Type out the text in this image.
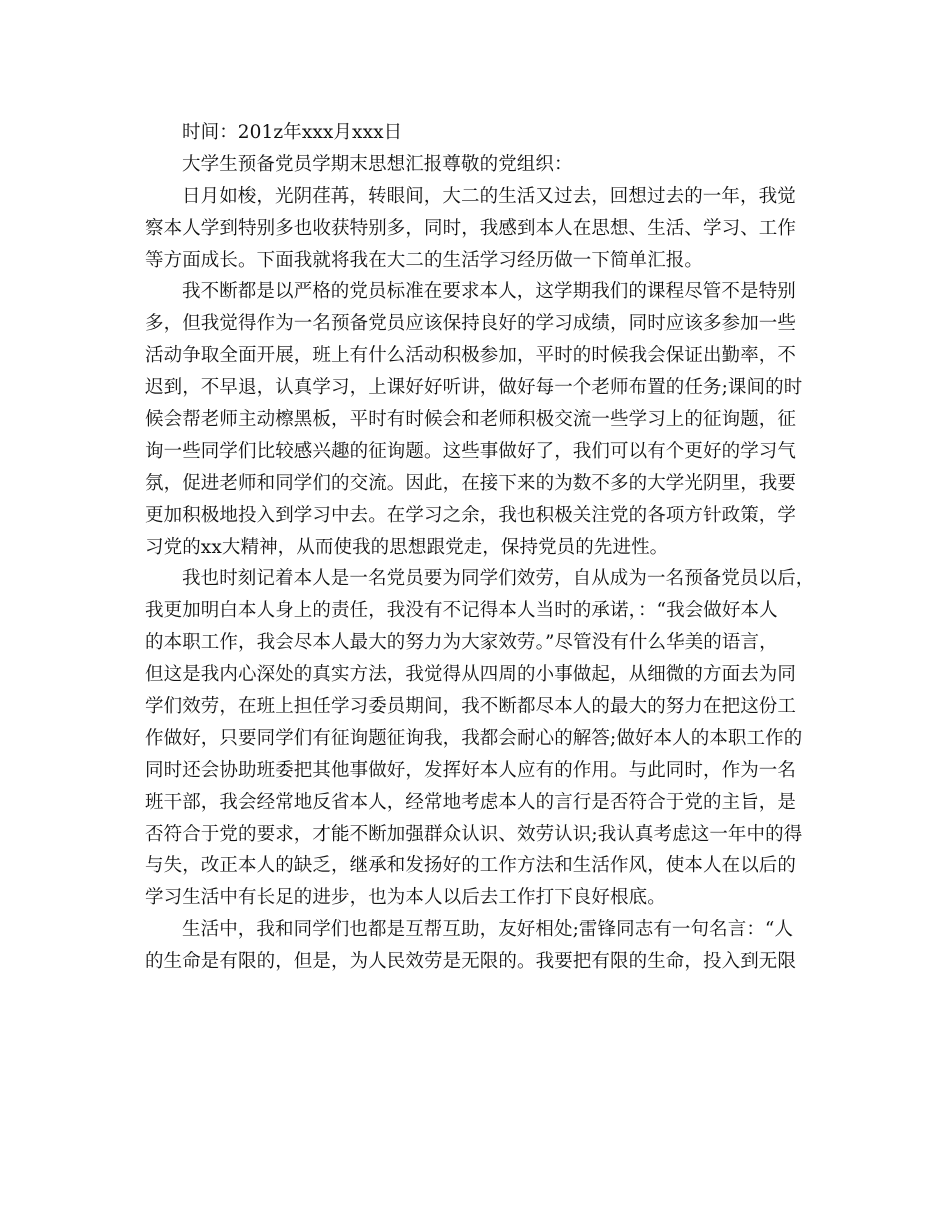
时间：201z年xxx月xxx日
大学生预备党员学期末思想汇报尊敬的党组织：
日月如梭，光阴荏苒，转眼间，大二的生活又过去，回想过去的一年，我觉
察本人学到特别多也收获特别多，同时，我感到本人在思想、生活、学习、工作
等方面成长。下面我就将我在大二的生活学习经历做一下简单汇报。
我不断都是以严格的党员标准在要求本人，这学期我们的课程尽管不是特别
多，但我觉得作为一名预备党员应该保持良好的学习成绩，同时应该多参加一些
活动争取全面开展，班上有什么活动积极参加，平时的时候我会保证出勤率，不
迟到，不早退，认真学习，上课好好听讲，做好每一个老师布置的任务;课间的时
候会帮老师主动檫黑板，平时有时候会和老师积极交流一些学习上的征询题，征
询一些同学们比较感兴趣的征询题。这些事做好了，我们可以有个更好的学习气
氛，促进老师和同学们的交流。因此，在接下来的为数不多的大学光阴里，我要
更加积极地投入到学习中去。在学习之余，我也积极关注党的各项方针政策，学
习党的xx大精神，从而使我的思想跟党走，保持党员的先进性。
我也时刻记着本人是一名党员要为同学们效劳，自从成为一名预备党员以后，
我更加明白本人身上的责任，我没有不记得本人当时的承诺，：“我会做好本人
的本职工作，我会尽本人最大的努力为大家效劳。”尽管没有什么华美的语言，
但这是我内心深处的真实方法，我觉得从四周的小事做起，从细微的方面去为同
学们效劳，在班上担任学习委员期间，我不断都尽本人的最大的努力在把这份工
作做好，只要同学们有征询题征询我，我都会耐心的解答;做好本人的本职工作的
同时还会协助班委把其他事做好，发挥好本人应有的作用。与此同时，作为一名
班干部，我会经常地反省本人，经常地考虑本人的言行是否符合于党的主旨，是
否符合于党的要求，才能不断加强群众认识、效劳认识;我认真考虑这一年中的得
与失，改正本人的缺乏，继承和发扬好的工作方法和生活作风，使本人在以后的
学习生活中有长足的进步，也为本人以后去工作打下良好根底。
生活中，我和同学们也都是互帮互助，友好相处;雷锋同志有一句名言：“人
的生命是有限的，但是，为人民效劳是无限的。我要把有限的生命，投入到无限
